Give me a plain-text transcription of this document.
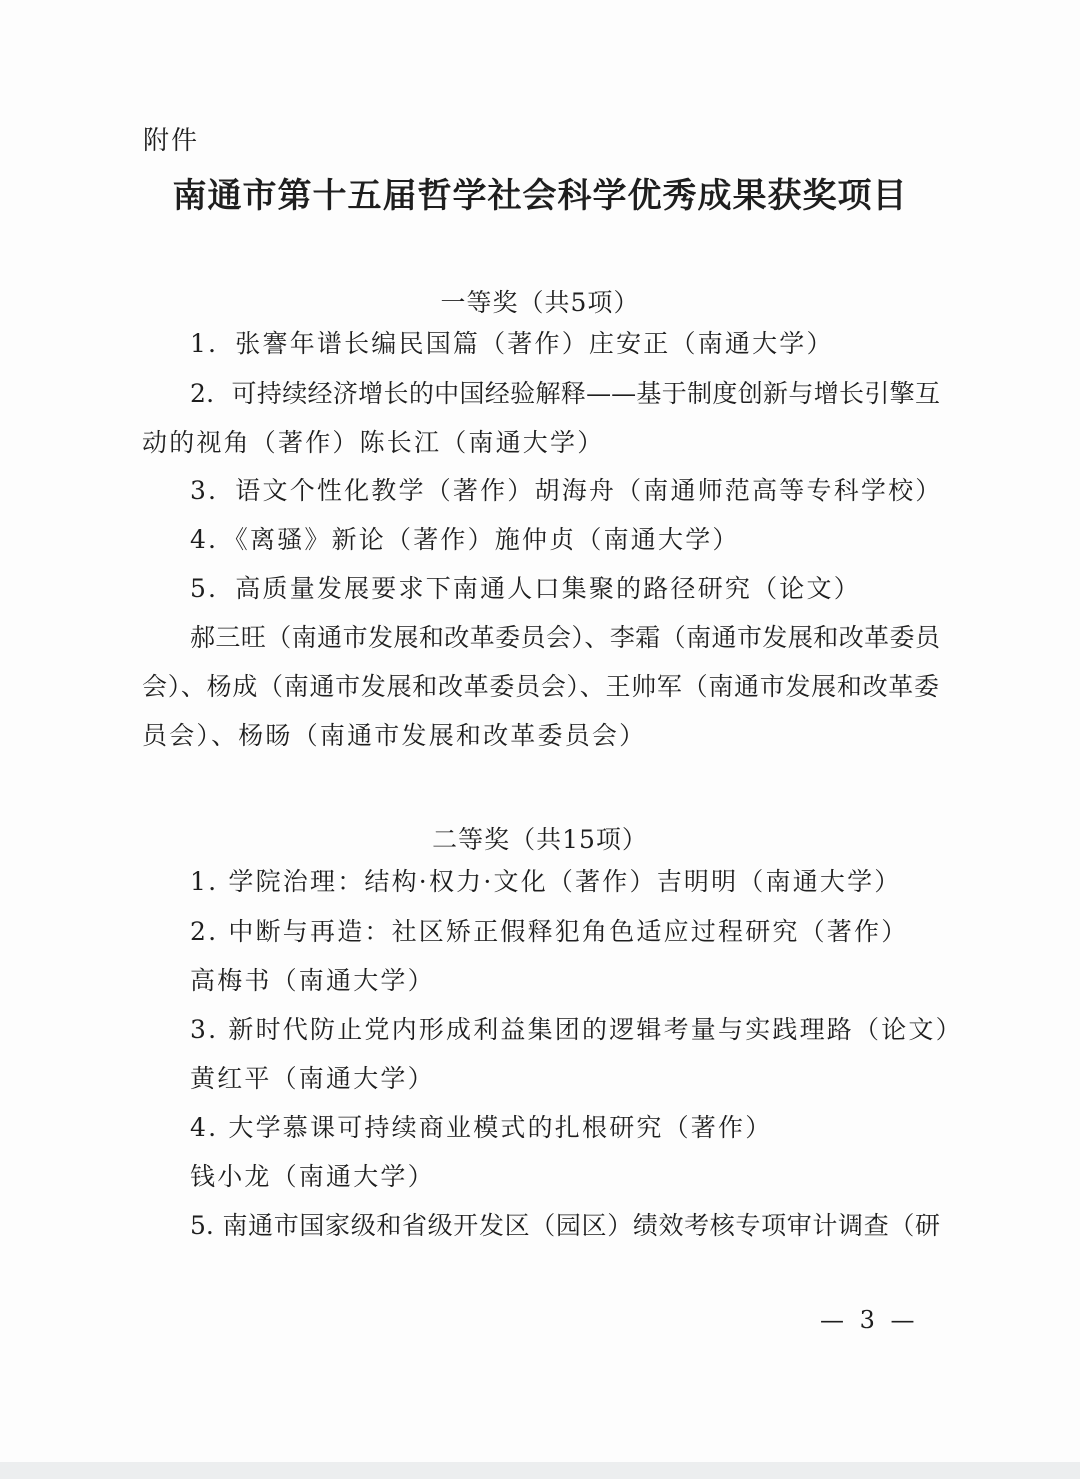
附件
南通市第十五届哲学社会科学优秀成果获奖项目
一等奖（共5项）
1．张謇年谱长编民国篇（著作）庄安正（南通大学）
2．可持续经济增长的中国经验解释——基于制度创新与增长引擎互
动的视角（著作）陈长江（南通大学）
3．语文个性化教学（著作）胡海舟（南通师范高等专科学校）
4．《离骚》新论（著作）施仲贞（南通大学）
5．高质量发展要求下南通人口集聚的路径研究（论文）
郝三旺（南通市发展和改革委员会）、李霜（南通市发展和改革委员
会）、杨成（南通市发展和改革委员会）、王帅军（南通市发展和改革委
员会）、杨旸（南通市发展和改革委员会）
二等奖（共15项）
1. 学院治理：结构·权力·文化（著作）吉明明（南通大学）
2. 中断与再造：社区矫正假释犯角色适应过程研究（著作）
高梅书（南通大学）
3. 新时代防止党内形成利益集团的逻辑考量与实践理路（论文）
黄红平（南通大学）
4. 大学慕课可持续商业模式的扎根研究（著作）
钱小龙（南通大学）
5. 南通市国家级和省级开发区（园区）绩效考核专项审计调查（研
— 3 —
